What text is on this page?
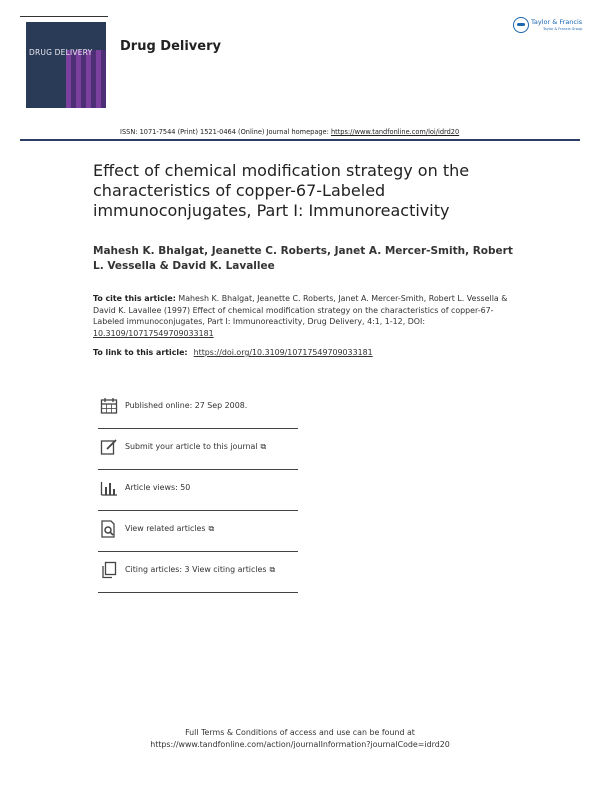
DRUG DELIVERY Drug Delivery
Taylor & Francis
Taylor & Francis Group
ISSN: 1071-7544 (Print) 1521-0464 (Online) Journal homepage: https://www.tandfonline.com/loi/idrd20
Effect of chemical modification strategy on the characteristics of copper-67-Labeled immunoconjugates, Part I: Immunoreactivity
Mahesh K. Bhalgat, Jeanette C. Roberts, Janet A. Mercer-Smith, Robert L. Vessella & David K. Lavallee
To cite this article: Mahesh K. Bhalgat, Jeanette C. Roberts, Janet A. Mercer-Smith, Robert L. Vessella & David K. Lavallee (1997) Effect of chemical modification strategy on the characteristics of copper-67-Labeled immunoconjugates, Part I: Immunoreactivity, Drug Delivery, 4:1, 1-12, DOI: 10.3109/10717549709033181
To link to this article: https://doi.org/10.3109/10717549709033181
Published online: 27 Sep 2008.
Submit your article to this journal ⧉
Article views: 50
View related articles ⧉
Citing articles: 3 View citing articles ⧉
Full Terms & Conditions of access and use can be found at
https://www.tandfonline.com/action/journalInformation?journalCode=idrd20
